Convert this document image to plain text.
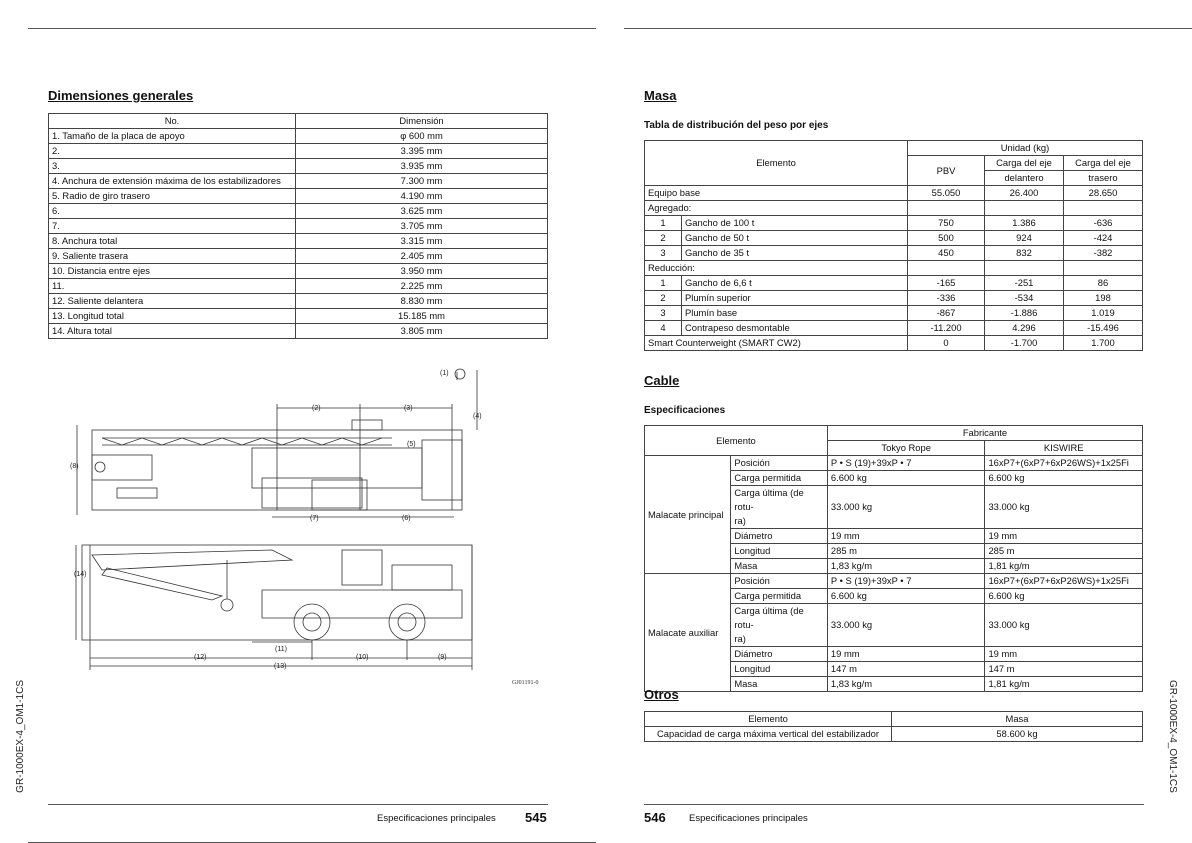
Dimensiones generales
No.	Dimensión
1. Tamaño de la placa de apoyo	φ 600 mm
2.	3.395 mm
3.	3.935 mm
4. Anchura de extensión máxima de los estabilizadores	7.300 mm
5. Radio de giro trasero	4.190 mm
6.	3.625 mm
7.	3.705 mm
8. Anchura total	3.315 mm
9. Saliente trasera	2.405 mm
10. Distancia entre ejes	3.950 mm
11.	2.225 mm
12. Saliente delantera	8.830 mm
13. Longitud total	15.185 mm
14. Altura total	3.805 mm
(1)
(2)	(3)
(4)
(5)
(6)
(7)
(8)
(9)
(10)
(11)
(12)
(13)
(14)
GJ01191-0
GR-1000EX-4_OM1-1CS
Especificaciones principales 545
Masa
Tabla de distribución del peso por ejes
Elemento		Unidad (kg)		
		PBV	Carga del eje	Carga del eje
			delantero	trasero
Equipo base		55.050	26.400	28.650
Agregado:				
1	Gancho de 100 t	750	1.386	-636
2	Gancho de 50 t	500	924	-424
3	Gancho de 35 t	450	832	-382
Reducción:				
1	Gancho de 6,6 t	-165	-251	86
2	Plumín superior	-336	-534	198
3	Plumín base	-867	-1.886	1.019
4	Contrapeso desmontable	-11.200	4.296	-15.496
Smart Counterweight (SMART CW2)		0	-1.700	1.700
Cable
Especificaciones
Elemento		Fabricante	
		Tokyo Rope	KISWIRE
Malacate principal	Posición	P • S (19)+39xP • 7	16xP7+(6xP7+6xP26WS)+1x25Fi
	Carga permitida	6.600 kg	6.600 kg

	Carga última (de rotu-
ra)	33.000 kg	33.000 kg
	Diámetro	19 mm	19 mm
	Longitud	285 m	285 m
	Masa	1,83 kg/m	1,81 kg/m
Malacate auxiliar	Posición	P • S (19)+39xP • 7	16xP7+(6xP7+6xP26WS)+1x25Fi
	Carga permitida	6.600 kg	6.600 kg

	Carga última (de rotu-
ra)	33.000 kg	33.000 kg
	Diámetro	19 mm	19 mm
	Longitud	147 m	147 m
	Masa	1,83 kg/m	1,81 kg/m
Otros
Elemento	Masa
Capacidad de carga máxima vertical del estabilizador	58.600 kg	GR-1000EX-4_OM1-1CS
546 Especificaciones principales
